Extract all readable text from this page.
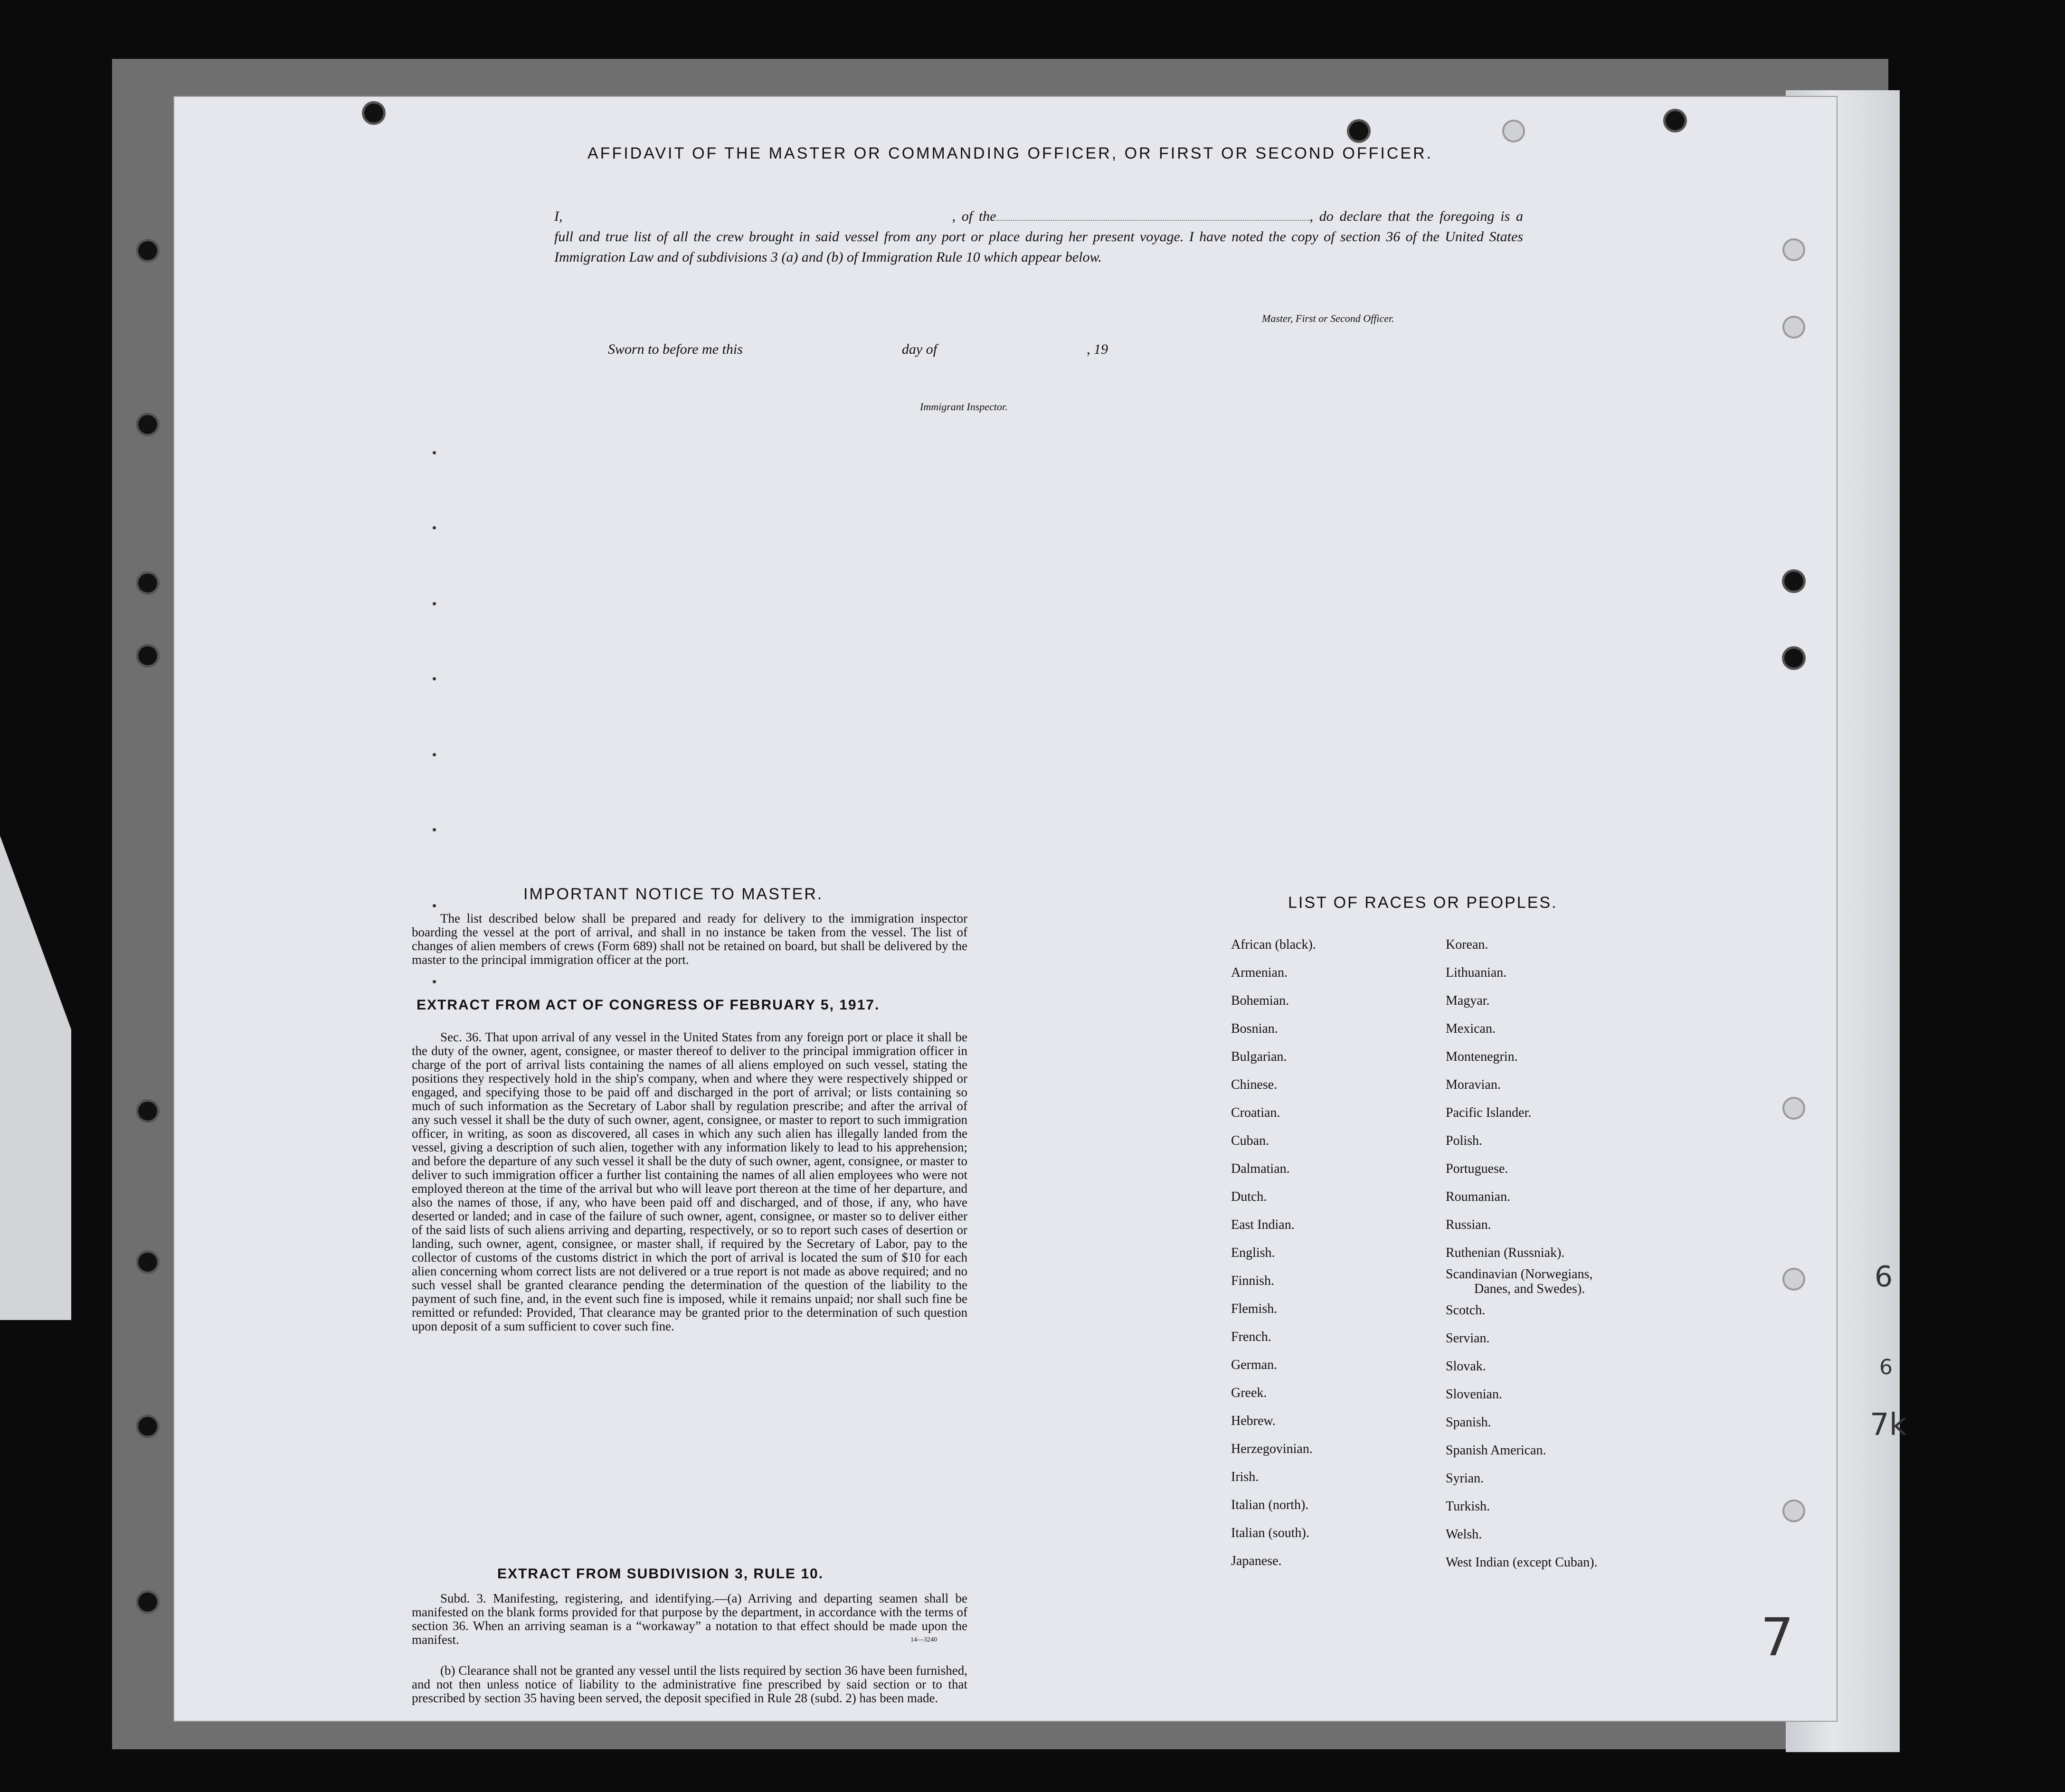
AFFIDAVIT OF THE MASTER OR COMMANDING OFFICER, OR FIRST OR SECOND OFFICER.
I,	, of the	, do declare that the foregoing is a full and true list of all the crew brought in said vessel from any port or place during her present voyage. I have noted the copy of section 36 of the United States Immigration Law and of subdivisions 3 (a) and (b) of Immigration Rule 10 which appear below.
Master, First or Second Officer.
Sworn to before me this	day of	, 19
Immigrant Inspector.
IMPORTANT NOTICE TO MASTER.
The list described below shall be prepared and ready for delivery to the immigration inspector boarding the vessel at the port of arrival, and shall in no instance be taken from the vessel. The list of changes of alien members of crews (Form 689) shall not be retained on board, but shall be delivered by the master to the principal immigration officer at the port.
EXTRACT FROM ACT OF CONGRESS OF FEBRUARY 5, 1917.
Sec. 36. That upon arrival of any vessel in the United States from any foreign port or place it shall be the duty of the owner, agent, consignee, or master thereof to deliver to the principal immigration officer in charge of the port of arrival lists containing the names of all aliens employed on such vessel, stating the positions they respectively hold in the ship's company, when and where they were respectively shipped or engaged, and specifying those to be paid off and discharged in the port of arrival; or lists containing so much of such information as the Secretary of Labor shall by regulation prescribe; and after the arrival of any such vessel it shall be the duty of such owner, agent, consignee, or master to report to such immigration officer, in writing, as soon as discovered, all cases in which any such alien has illegally landed from the vessel, giving a description of such alien, together with any information likely to lead to his apprehension; and before the departure of any such vessel it shall be the duty of such owner, agent, consignee, or master to deliver to such immigration officer a further list containing the names of all alien employees who were not employed thereon at the time of the arrival but who will leave port thereon at the time of her departure, and also the names of those, if any, who have been paid off and discharged, and of those, if any, who have deserted or landed; and in case of the failure of such owner, agent, consignee, or master so to deliver either of the said lists of such aliens arriving and departing, respectively, or so to report such cases of desertion or landing, such owner, agent, consignee, or master shall, if required by the Secretary of Labor, pay to the collector of customs of the customs district in which the port of arrival is located the sum of $10 for each alien concerning whom correct lists are not delivered or a true report is not made as above required; and no such vessel shall be granted clearance pending the determination of the question of the liability to the payment of such fine, and, in the event such fine is imposed, while it remains unpaid; nor shall such fine be remitted or refunded: Provided, That clearance may be granted prior to the determination of such question upon deposit of a sum sufficient to cover such fine.
EXTRACT FROM SUBDIVISION 3, RULE 10.
Subd. 3. Manifesting, registering, and identifying.—(a) Arriving and departing seamen shall be manifested on the blank forms provided for that purpose by the department, in accordance with the terms of section 36. When an arriving seaman is a “workaway” a notation to that effect should be made upon the manifest.
(b) Clearance shall not be granted any vessel until the lists required by section 36 have been furnished, and not then unless notice of liability to the administrative fine prescribed by said section or to that prescribed by section 35 having been served, the deposit specified in Rule 28 (subd. 2) has been made.
14—3240
LIST OF RACES OR PEOPLES.
African (black).
Armenian.
Bohemian.
Bosnian.
Bulgarian.
Chinese.
Croatian.
Cuban.
Dalmatian.
Dutch.
East Indian.
English.
Finnish.
Flemish.
French.
German.
Greek.
Hebrew.
Herzegovinian.
Irish.
Italian (north).
Italian (south).
Japanese.
Korean.
Lithuanian.
Magyar.
Mexican.
Montenegrin.
Moravian.
Pacific Islander.
Polish.
Portuguese.
Roumanian.
Russian.
Ruthenian (Russniak).
Scandinavian (Norwegians,
Danes, and Swedes).
Scotch.
Servian.
Slovak.
Slovenian.
Spanish.
Spanish American.
Syrian.
Turkish.
Welsh.
West Indian (except Cuban).
6
6
7k
7
